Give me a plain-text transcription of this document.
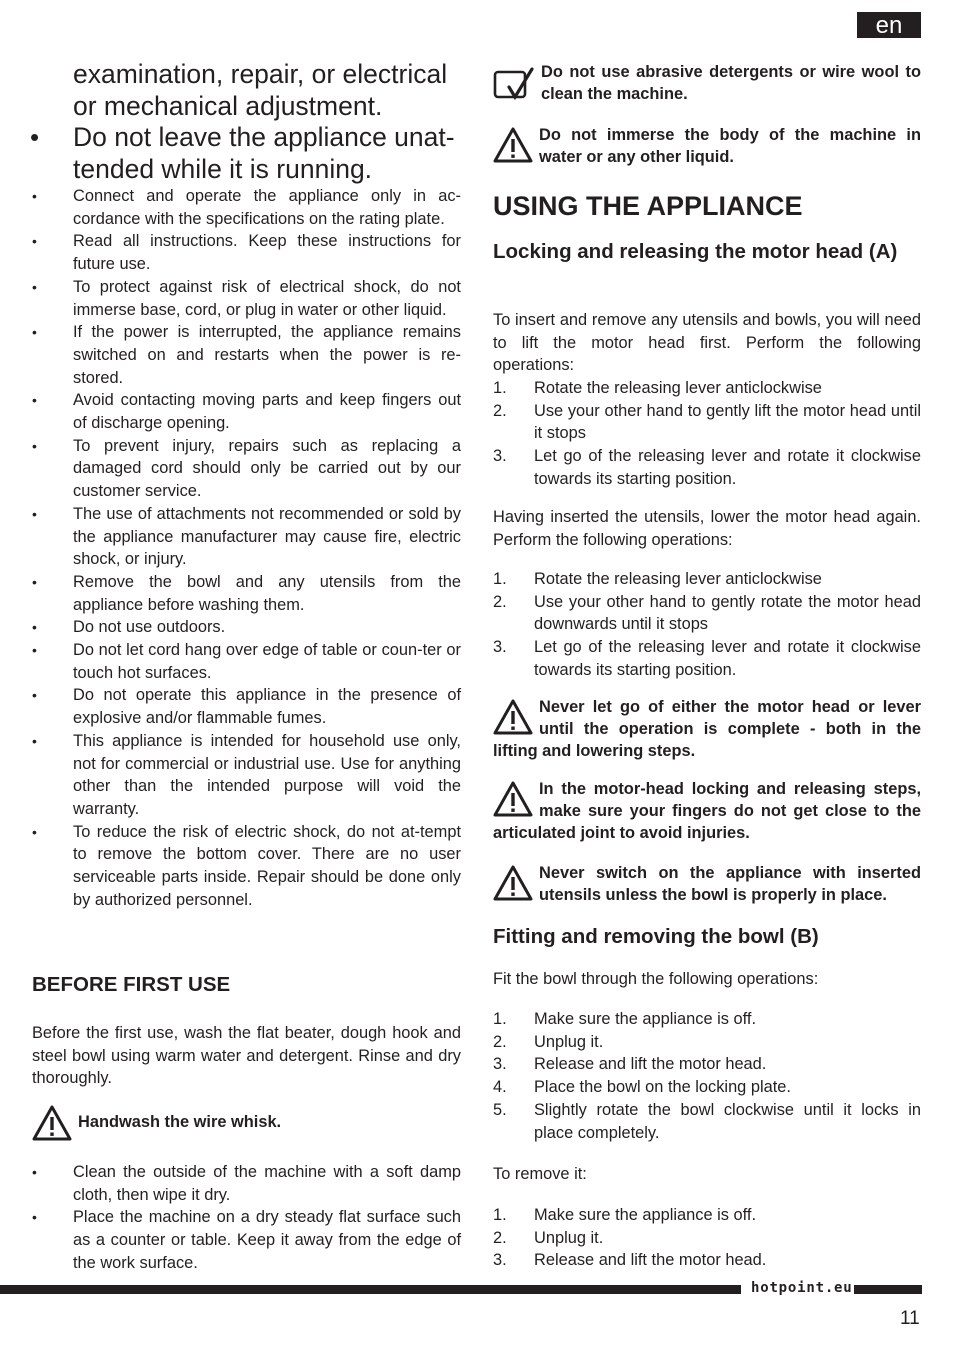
en

examination, repair, or electrical or mechanical adjustment.

• Do not leave the appliance unat-tended while it is running.

• Connect and operate the appliance only in ac-cordance with the specifications on the rating plate.
• Read all instructions. Keep these instructions for future use.
• To protect against risk of electrical shock, do not immerse base, cord, or plug in water or other liquid.
• If the power is interrupted, the appliance remains switched on and restarts when the power is re-stored.
• Avoid contacting moving parts and keep fingers out of discharge opening.
• To prevent injury, repairs such as replacing a damaged cord should only be carried out by our customer service.
• The use of attachments not recommended or sold by the appliance manufacturer may cause fire, electric shock, or injury.
• Remove the bowl and any utensils from the appliance before washing them.
• Do not use outdoors.
• Do not let cord hang over edge of table or coun-ter or touch hot surfaces.
• Do not operate this appliance in the presence of explosive and/or flammable fumes.
• This appliance is intended for household use only, not for commercial or industrial use. Use for anything other than the intended purpose will void the warranty.
• To reduce the risk of electric shock, do not at-tempt to remove the bottom cover. There are no user serviceable parts inside. Repair should be done only by authorized personnel.
BEFORE FIRST USE

Before the first use, wash the flat beater, dough hook and steel bowl using warm water and detergent. Rinse and dry thoroughly.

Handwash the wire whisk.
• Clean the outside of the machine with a soft damp cloth, then wipe it dry.
• Place the machine on a dry steady flat surface such as a counter or table. Keep it away from the edge of the work surface.
Do not use abrasive detergents or wire wool to clean the machine.
Do not immerse the body of the machine in water or any other liquid.
USING THE APPLIANCE
Locking and releasing the motor head (A)

To insert and remove any utensils and bowls, you will need to lift the motor head first. Perform the following operations:

1. Rotate the releasing lever anticlockwise
2. Use your other hand to gently lift the motor head until it stops
3. Let go of the releasing lever and rotate it clockwise towards its starting position.

Having inserted the utensils, lower the motor head again. Perform the following operations:

1. Rotate the releasing lever anticlockwise
2. Use your other hand to gently rotate the motor head downwards until it stops
3. Let go of the releasing lever and rotate it clockwise towards its starting position.
Never let go of either the motor head or lever until the operation is complete - both in the lifting and lowering steps.
In the motor-head locking and releasing steps, make sure your fingers do not get close to the articulated joint to avoid injuries.
Never switch on the appliance with inserted utensils unless the bowl is properly in place.
Fitting and removing the bowl (B)

Fit the bowl through the following operations:

1. Make sure the appliance is off.
2. Unplug it.
3. Release and lift the motor head.
4. Place the bowl on the locking plate.
5. Slightly rotate the bowl clockwise until it locks in place completely.

To remove it:

1. Make sure the appliance is off.
2. Unplug it.
3. Release and lift the motor head.
hotpoint.eu
11
